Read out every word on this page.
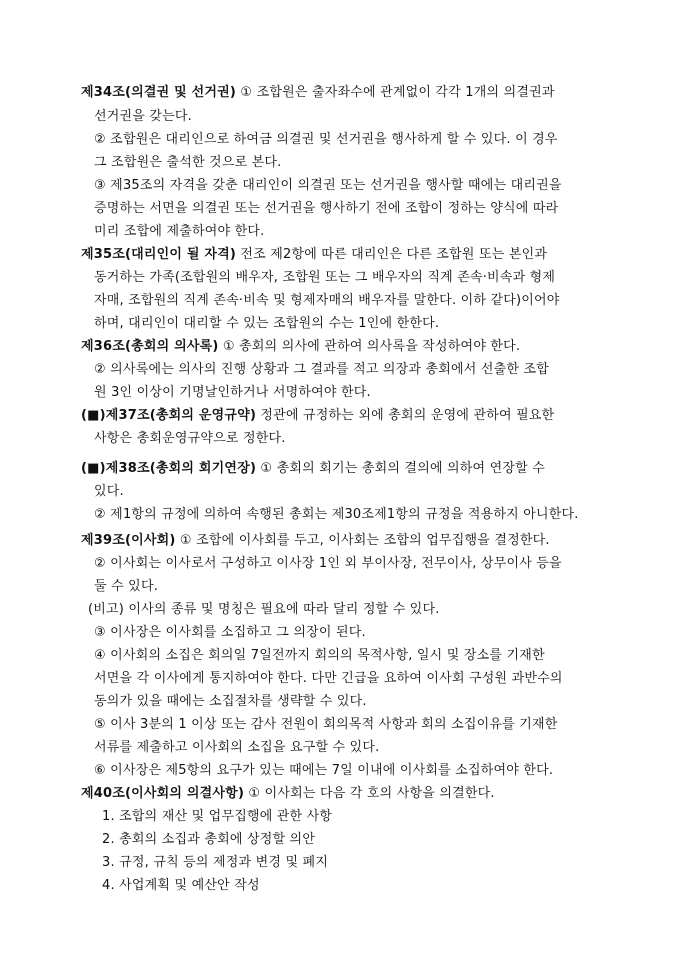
제34조(의결권 및 선거권) ① 조합원은 출자좌수에 관계없이 각각 1개의 의결권과
선거권을 갖는다.
② 조합원은 대리인으로 하여금 의결권 및 선거권을 행사하게 할 수 있다. 이 경우
그 조합원은 출석한 것으로 본다.
③ 제35조의 자격을 갖춘 대리인이 의결권 또는 선거권을 행사할 때에는 대리권을
증명하는 서면을 의결권 또는 선거권을 행사하기 전에 조합이 정하는 양식에 따라
미리 조합에 제출하여야 한다.
제35조(대리인이 될 자격) 전조 제2항에 따른 대리인은 다른 조합원 또는 본인과
동거하는 가족(조합원의 배우자, 조합원 또는 그 배우자의 직계 존속·비속과 형제
자매, 조합원의 직계 존속·비속 및 형제자매의 배우자를 말한다. 이하 같다)이어야
하며, 대리인이 대리할 수 있는 조합원의 수는 1인에 한한다.
제36조(총회의 의사록) ① 총회의 의사에 관하여 의사록을 작성하여야 한다.
② 의사록에는 의사의 진행 상황과 그 결과를 적고 의장과 총회에서 선출한 조합
원 3인 이상이 기명날인하거나 서명하여야 한다.
(■)제37조(총회의 운영규약) 정관에 규정하는 외에 총회의 운영에 관하여 필요한
사항은 총회운영규약으로 정한다.
(■)제38조(총회의 회기연장) ① 총회의 회기는 총회의 결의에 의하여 연장할 수
있다.
② 제1항의 규정에 의하여 속행된 총회는 제30조제1항의 규정을 적용하지 아니한다.
제39조(이사회) ① 조합에 이사회를 두고, 이사회는 조합의 업무집행을 결정한다.
② 이사회는 이사로서 구성하고 이사장 1인 외 부이사장, 전무이사, 상무이사 등을
둘 수 있다.
(비고) 이사의 종류 및 명칭은 필요에 따라 달리 정할 수 있다.
③ 이사장은 이사회를 소집하고 그 의장이 된다.
④ 이사회의 소집은 회의일 7일전까지 회의의 목적사항, 일시 및 장소를 기재한
서면을 각 이사에게 통지하여야 한다. 다만 긴급을 요하여 이사회 구성원 과반수의
동의가 있을 때에는 소집절차를 생략할 수 있다.
⑤ 이사 3분의 1 이상 또는 감사 전원이 회의목적 사항과 회의 소집이유를 기재한
서류를 제출하고 이사회의 소집을 요구할 수 있다.
⑥ 이사장은 제5항의 요구가 있는 때에는 7일 이내에 이사회를 소집하여야 한다.
제40조(이사회의 의결사항) ① 이사회는 다음 각 호의 사항을 의결한다.
1. 조합의 재산 및 업무집행에 관한 사항
2. 총회의 소집과 총회에 상정할 의안
3. 규정, 규칙 등의 제정과 변경 및 폐지
4. 사업계획 및 예산안 작성
